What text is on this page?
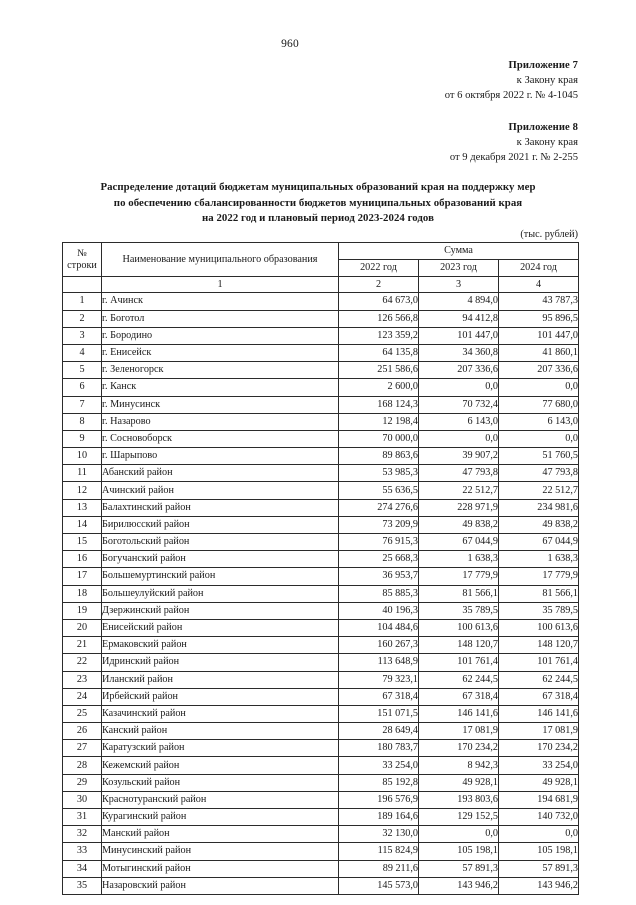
960
Приложение 7
к Закону края
от 6 октября 2022 г. № 4-1045
Приложение 8
к Закону края
от 9 декабря 2021 г. № 2-255
Распределение дотаций бюджетам муниципальных образований края на поддержку мер
по обеспечению сбалансированности бюджетов муниципальных образований края
на 2022 год и плановый период 2023-2024 годов
(тыс. рублей)
№
строки	Наименование муниципального образования	Сумма		
		2022 год	2023 год	2024 год
	1	2	3	4
1	г. Ачинск	64 673,0	4 894,0	43 787,3
2	г. Боготол	126 566,8	94 412,8	95 896,5
3	г. Бородино	123 359,2	101 447,0	101 447,0
4	г. Енисейск	64 135,8	34 360,8	41 860,1
5	г. Зеленогорск	251 586,6	207 336,6	207 336,6
6	г. Канск	2 600,0	0,0	0,0
7	г. Минусинск	168 124,3	70 732,4	77 680,0
8	г. Назарово	12 198,4	6 143,0	6 143,0
9	г. Сосновоборск	70 000,0	0,0	0,0
10	г. Шарыпово	89 863,6	39 907,2	51 760,5
11	Абанский район	53 985,3	47 793,8	47 793,8
12	Ачинский район	55 636,5	22 512,7	22 512,7
13	Балахтинский район	274 276,6	228 971,9	234 981,6
14	Бирилюсский район	73 209,9	49 838,2	49 838,2
15	Боготольский район	76 915,3	67 044,9	67 044,9
16	Богучанский район	25 668,3	1 638,3	1 638,3
17	Большемуртинский район	36 953,7	17 779,9	17 779,9
18	Большеулуйский район	85 885,3	81 566,1	81 566,1
19	Дзержинский район	40 196,3	35 789,5	35 789,5
20	Енисейский район	104 484,6	100 613,6	100 613,6
21	Ермаковский район	160 267,3	148 120,7	148 120,7
22	Идринский район	113 648,9	101 761,4	101 761,4
23	Иланский район	79 323,1	62 244,5	62 244,5
24	Ирбейский район	67 318,4	67 318,4	67 318,4
25	Казачинский район	151 071,5	146 141,6	146 141,6
26	Канский район	28 649,4	17 081,9	17 081,9
27	Каратузский район	180 783,7	170 234,2	170 234,2
28	Кежемский район	33 254,0	8 942,3	33 254,0
29	Козульский район	85 192,8	49 928,1	49 928,1
30	Краснотуранский район	196 576,9	193 803,6	194 681,9
31	Курагинский район	189 164,6	129 152,5	140 732,0
32	Манский район	32 130,0	0,0	0,0
33	Минусинский район	115 824,9	105 198,1	105 198,1
34	Мотыгинский район	89 211,6	57 891,3	57 891,3
35	Назаровский район	145 573,0	143 946,2	143 946,2
